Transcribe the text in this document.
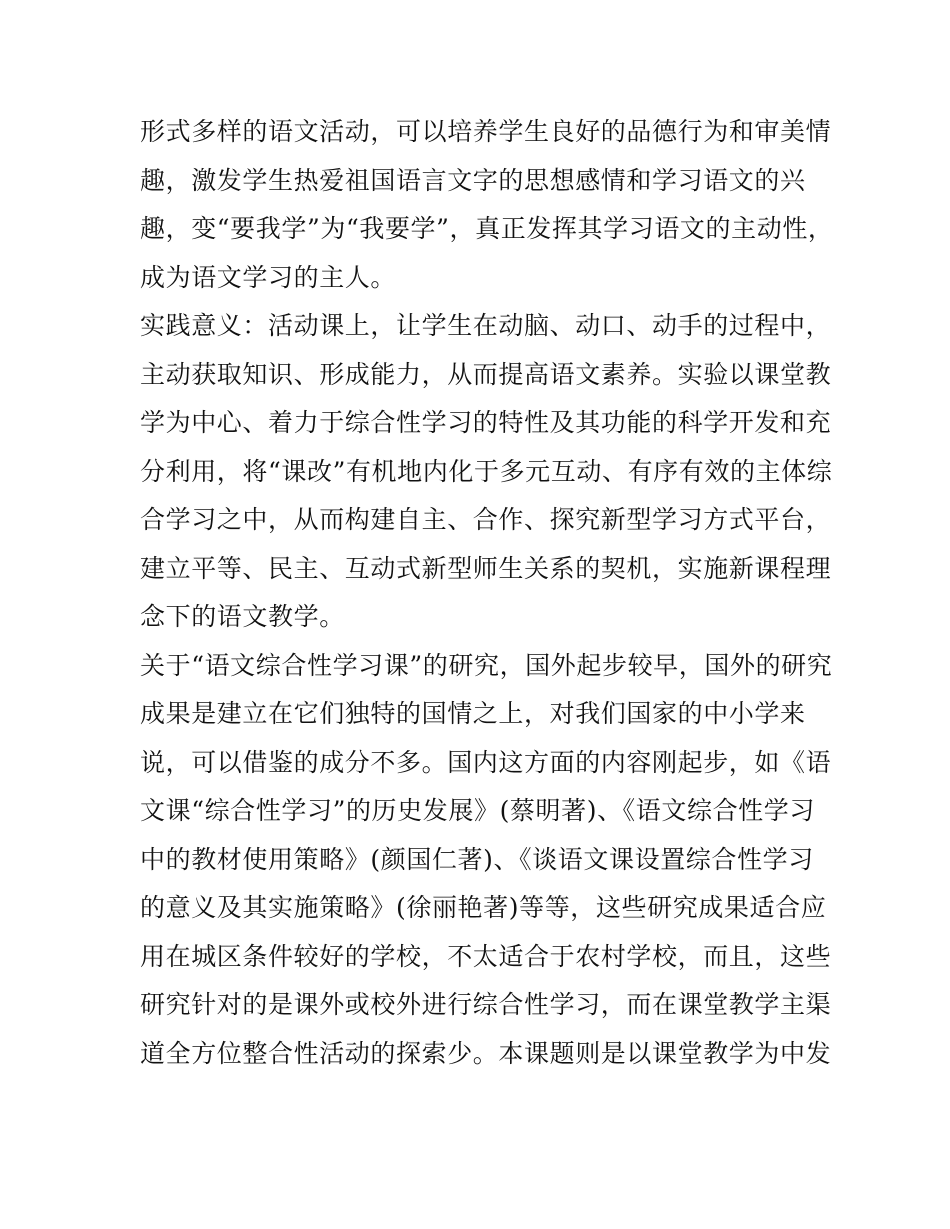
形式多样的语文活动，可以培养学生良好的品德行为和审美情
趣，激发学生热爱祖国语言文字的思想感情和学习语文的兴
趣，变“要我学”为“我要学”，真正发挥其学习语文的主动性，
成为语文学习的主人。
实践意义：活动课上，让学生在动脑、动口、动手的过程中，
主动获取知识、形成能力，从而提高语文素养。实验以课堂教
学为中心、着力于综合性学习的特性及其功能的科学开发和充
分利用，将“课改”有机地内化于多元互动、有序有效的主体综
合学习之中，从而构建自主、合作、探究新型学习方式平台，
建立平等、民主、互动式新型师生关系的契机，实施新课程理
念下的语文教学。
关于“语文综合性学习课”的研究，国外起步较早，国外的研究
成果是建立在它们独特的国情之上，对我们国家的中小学来
说，可以借鉴的成分不多。国内这方面的内容刚起步，如《语
文课“综合性学习”的历史发展》(蔡明著)、《语文综合性学习
中的教材使用策略》(颜国仁著)、《谈语文课设置综合性学习
的意义及其实施策略》(徐丽艳著)等等，这些研究成果适合应
用在城区条件较好的学校，不太适合于农村学校，而且，这些
研究针对的是课外或校外进行综合性学习，而在课堂教学主渠
道全方位整合性活动的探索少。本课题则是以课堂教学为中发
